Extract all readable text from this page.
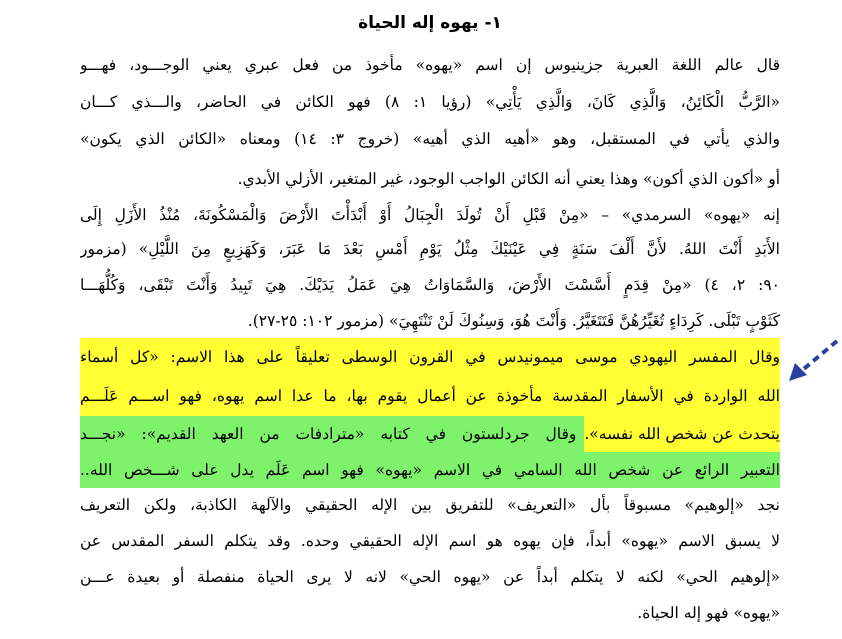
١- يهوه إله الحياة
قال عالم اللغة العبرية جزينيوس إن اسم «يهوه» مأخوذ من فعل عبري يعني الوجـــود، فهـــو
«الرَّبُّ الْكَائِنُ، وَالَّذِي كَانَ، وَالَّذِي يَأْتِي» (رؤيا ١: ٨) فهو الكائن في الحاضر، والـــذي كـــان
والذي يأتي في المستقبل، وهو «أهيه الذي أهيه» (خروج ٣: ١٤) ومعناه «الكائن الذي يكون»
أو «أكون الذي أكون» وهذا يعني أنه الكائن الواجب الوجود، غير المتغير، الأزلي الأبدي.
إنه «يهوه» السرمدي» – «مِنْ قَبْلِ أَنْ تُولَدَ الْجِبَالُ أَوْ أَبْدَأْتَ الأَرْضَ وَالْمَسْكُونَةَ، مُنْذُ الأَزَلِ إِلَى
الأَبَدِ أَنْتَ اللهُ. لأَنَّ أَلْفَ سَنَةٍ فِي عَيْنَيْكَ مِثْلُ يَوْمِ أَمْسِ بَعْدَ مَا عَبَرَ، وَكَهَزِيعٍ مِنَ اللَّيْلِ» (مزمور
٩٠: ٢، ٤) «مِنْ قِدَمٍ أَسَّسْتَ الأَرْضَ، وَالسَّمَاوَاتُ هِيَ عَمَلُ يَدَيْكَ. هِيَ تَبِيدُ وَأَنْتَ تَبْقَى، وَكُلُّهَـــا
كَثَوْبٍ تَبْلَى. كَرِدَاءٍ تُغَيِّرُهُنَّ فَتَتَغَيَّرُ. وَأَنْتَ هُوَ، وَسِنُوكَ لَنْ تَنْتَهِيَ» (مزمور ١٠٢: ٢٥-٢٧).
وقال المفسر اليهودي موسى ميمونيدس في القرون الوسطى تعليقاً على هذا الاسم: «كل أسماء
الله الواردة في الأسفار المقدسة مأخوذة عن أعمال يقوم بها، ما عدا اسم يهوه، فهو اســـم عَلَـــم
يتحدث عن شخص الله نفسه».
وقال جردلستون في كتابه «مترادفات من العهد القديم»: «نجـــد
التعبير الرائع عن شخص الله السامي في الاسم «يهوه» فهو اسم عَلَم يدل على شـــخص الله..
نجد «إلوهيم» مسبوقاً بأل «التعريف» للتفريق بين الإله الحقيقي والآلهة الكاذبة، ولكن التعريف
لا يسبق الاسم «يهوه» أبداً، فإن يهوه هو اسم الإله الحقيقي وحده. وقد يتكلم السفر المقدس عن
«إلوهيم الحي» لكنه لا يتكلم أبداً عن «يهوه الحي» لانه لا يرى الحياة منفصلة أو بعيدة عـــن
«يهوه» فهو إله الحياة.
